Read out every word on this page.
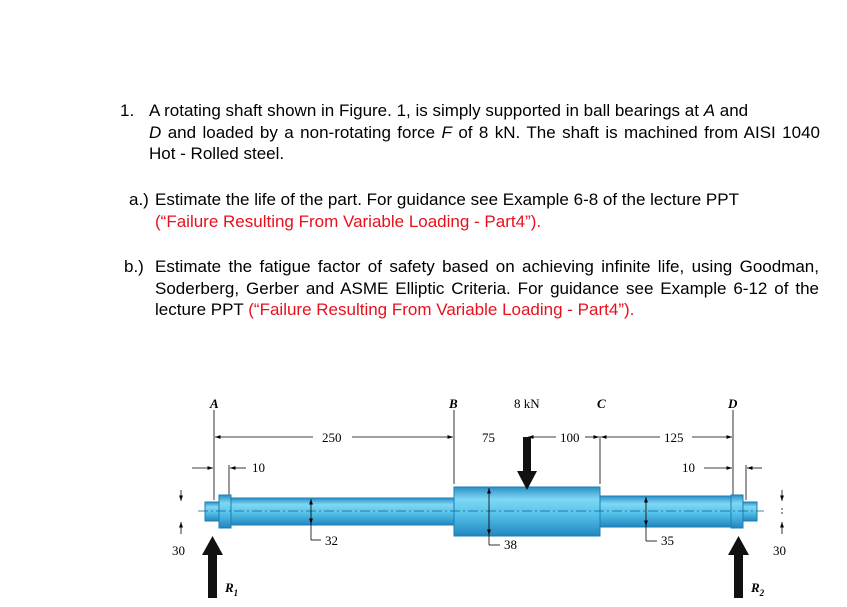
1. A rotating shaft shown in Figure. 1, is simply supported in ball bearings at A and
D and loaded by a non-rotating force F of 8 kN. The shaft is machined from AISI 1040 Hot - Rolled steel.
a.) Estimate the life of the part. For guidance see Example 6-8 of the lecture PPT
(“Failure Resulting From Variable Loading - Part4”).
b.) Estimate the fatigue factor of safety based on achieving infinite life, using Goodman, Soderberg, Gerber and ASME Elliptic Criteria. For guidance see Example 6-12 of the lecture PPT (“Failure Resulting From Variable Loading - Part4”).
A	B	C	D
8 kN
250	75	100	125
10	10
32	38	35
30	30
$R_1$	$R_2$
